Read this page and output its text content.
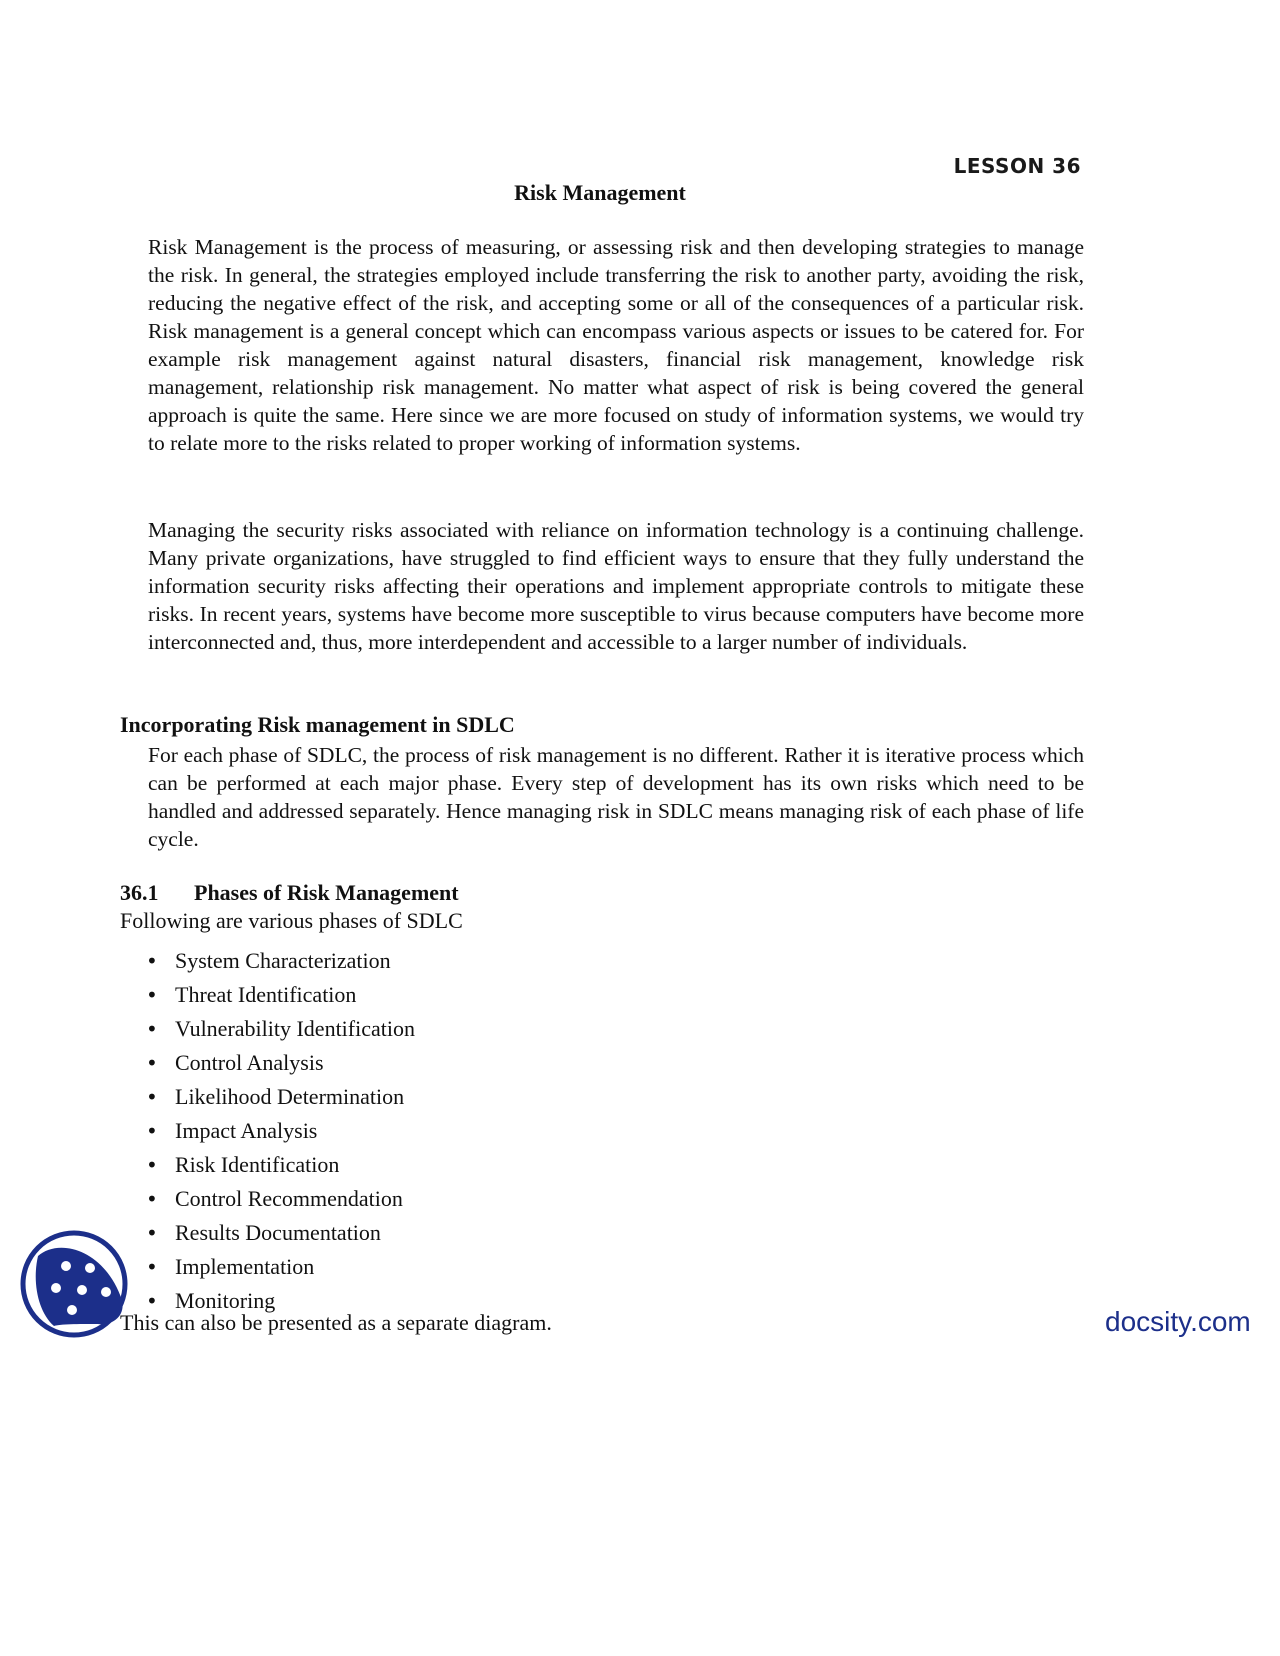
LESSON 36
Risk Management

Risk Management is the process of measuring, or assessing risk and then developing strategies to manage the risk. In general, the strategies employed include transferring the risk to another party, avoiding the risk, reducing the negative effect of the risk, and accepting some or all of the consequences of a particular risk. Risk management is a general concept which can encompass various aspects or issues to be catered for. For example risk management against natural disasters, financial risk management, knowledge risk management, relationship risk management. No matter what aspect of risk is being covered the general approach is quite the same. Here since we are more focused on study of information systems, we would try to relate more to the risks related to proper working of information systems.

Managing the security risks associated with reliance on information technology is a continuing challenge. Many private organizations, have struggled to find efficient ways to ensure that they fully understand the information security risks affecting their operations and implement appropriate controls to mitigate these risks. In recent years, systems have become more susceptible to virus because computers have become more interconnected and, thus, more interdependent and accessible to a larger number of individuals.

Incorporating Risk management in SDLC

For each phase of SDLC, the process of risk management is no different. Rather it is iterative process which can be performed at each major phase. Every step of development has its own risks which need to be handled and addressed separately. Hence managing risk in SDLC means managing risk of each phase of life cycle.

36.1 Phases of Risk Management

Following are various phases of SDLC

• System Characterization
• Threat Identification
• Vulnerability Identification
• Control Analysis
• Likelihood Determination
• Impact Analysis
• Risk Identification
• Control Recommendation
• Results Documentation
• Implementation
• Monitoring

This can also be presented as a separate diagram.	docsity.com
